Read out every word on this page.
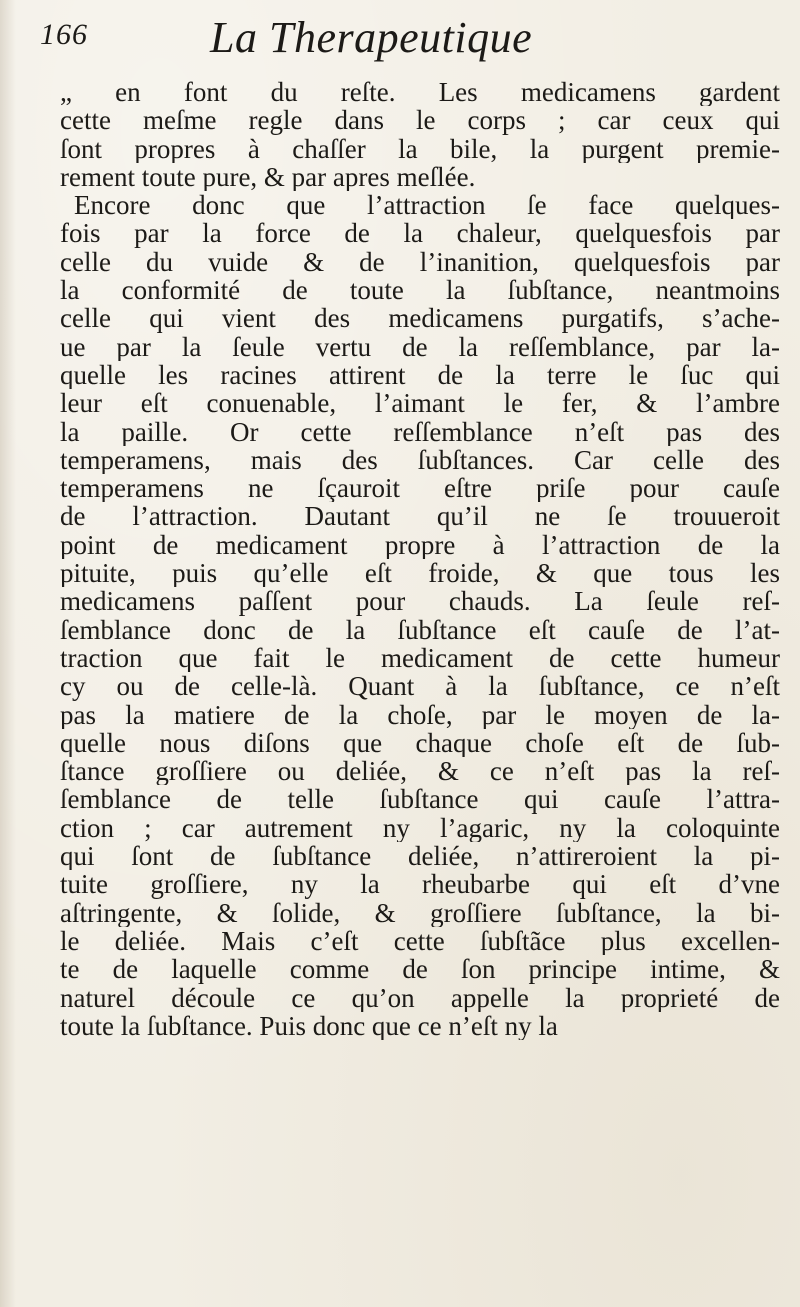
166	La Therapeutique
„ en font du reſte. Les medicamens gardent
cette meſme regle dans le corps ; car ceux qui
ſont propres à chaſſer la bile, la purgent premie-
rement toute pure, & par apres meſlée.
Encore donc que l’attraction ſe face quelques-
fois par la force de la chaleur, quelquesfois par
celle du vuide & de l’inanition, quelquesfois par
la conformité de toute la ſubſtance, neantmoins
celle qui vient des medicamens purgatifs, s’ache-
ue par la ſeule vertu de la reſſemblance, par la-
quelle les racines attirent de la terre le ſuc qui
leur eſt conuenable, l’aimant le fer, & l’ambre
la paille. Or cette reſſemblance n’eſt pas des
temperamens, mais des ſubſtances. Car celle des
temperamens ne ſçauroit eſtre priſe pour cauſe
de l’attraction. Dautant qu’il ne ſe trouueroit
point de medicament propre à l’attraction de la
pituite, puis qu’elle eſt froide, & que tous les
medicamens paſſent pour chauds. La ſeule reſ-
ſemblance donc de la ſubſtance eſt cauſe de l’at-
traction que fait le medicament de cette humeur
cy ou de celle-là. Quant à la ſubſtance, ce n’eſt
pas la matiere de la choſe, par le moyen de la-
quelle nous diſons que chaque choſe eſt de ſub-
ſtance groſſiere ou deliée, & ce n’eſt pas la reſ-
ſemblance de telle ſubſtance qui cauſe l’attra-
ction ; car autrement ny l’agaric, ny la coloquinte
qui ſont de ſubſtance deliée, n’attireroient la pi-
tuite groſſiere, ny la rheubarbe qui eſt d’vne
aſtringente, & ſolide, & groſſiere ſubſtance, la bi-
le deliée. Mais c’eſt cette ſubſtãce plus excellen-
te de laquelle comme de ſon principe intime, &
naturel découle ce qu’on appelle la proprieté de
toute la ſubſtance. Puis donc que ce n’eſt ny la
